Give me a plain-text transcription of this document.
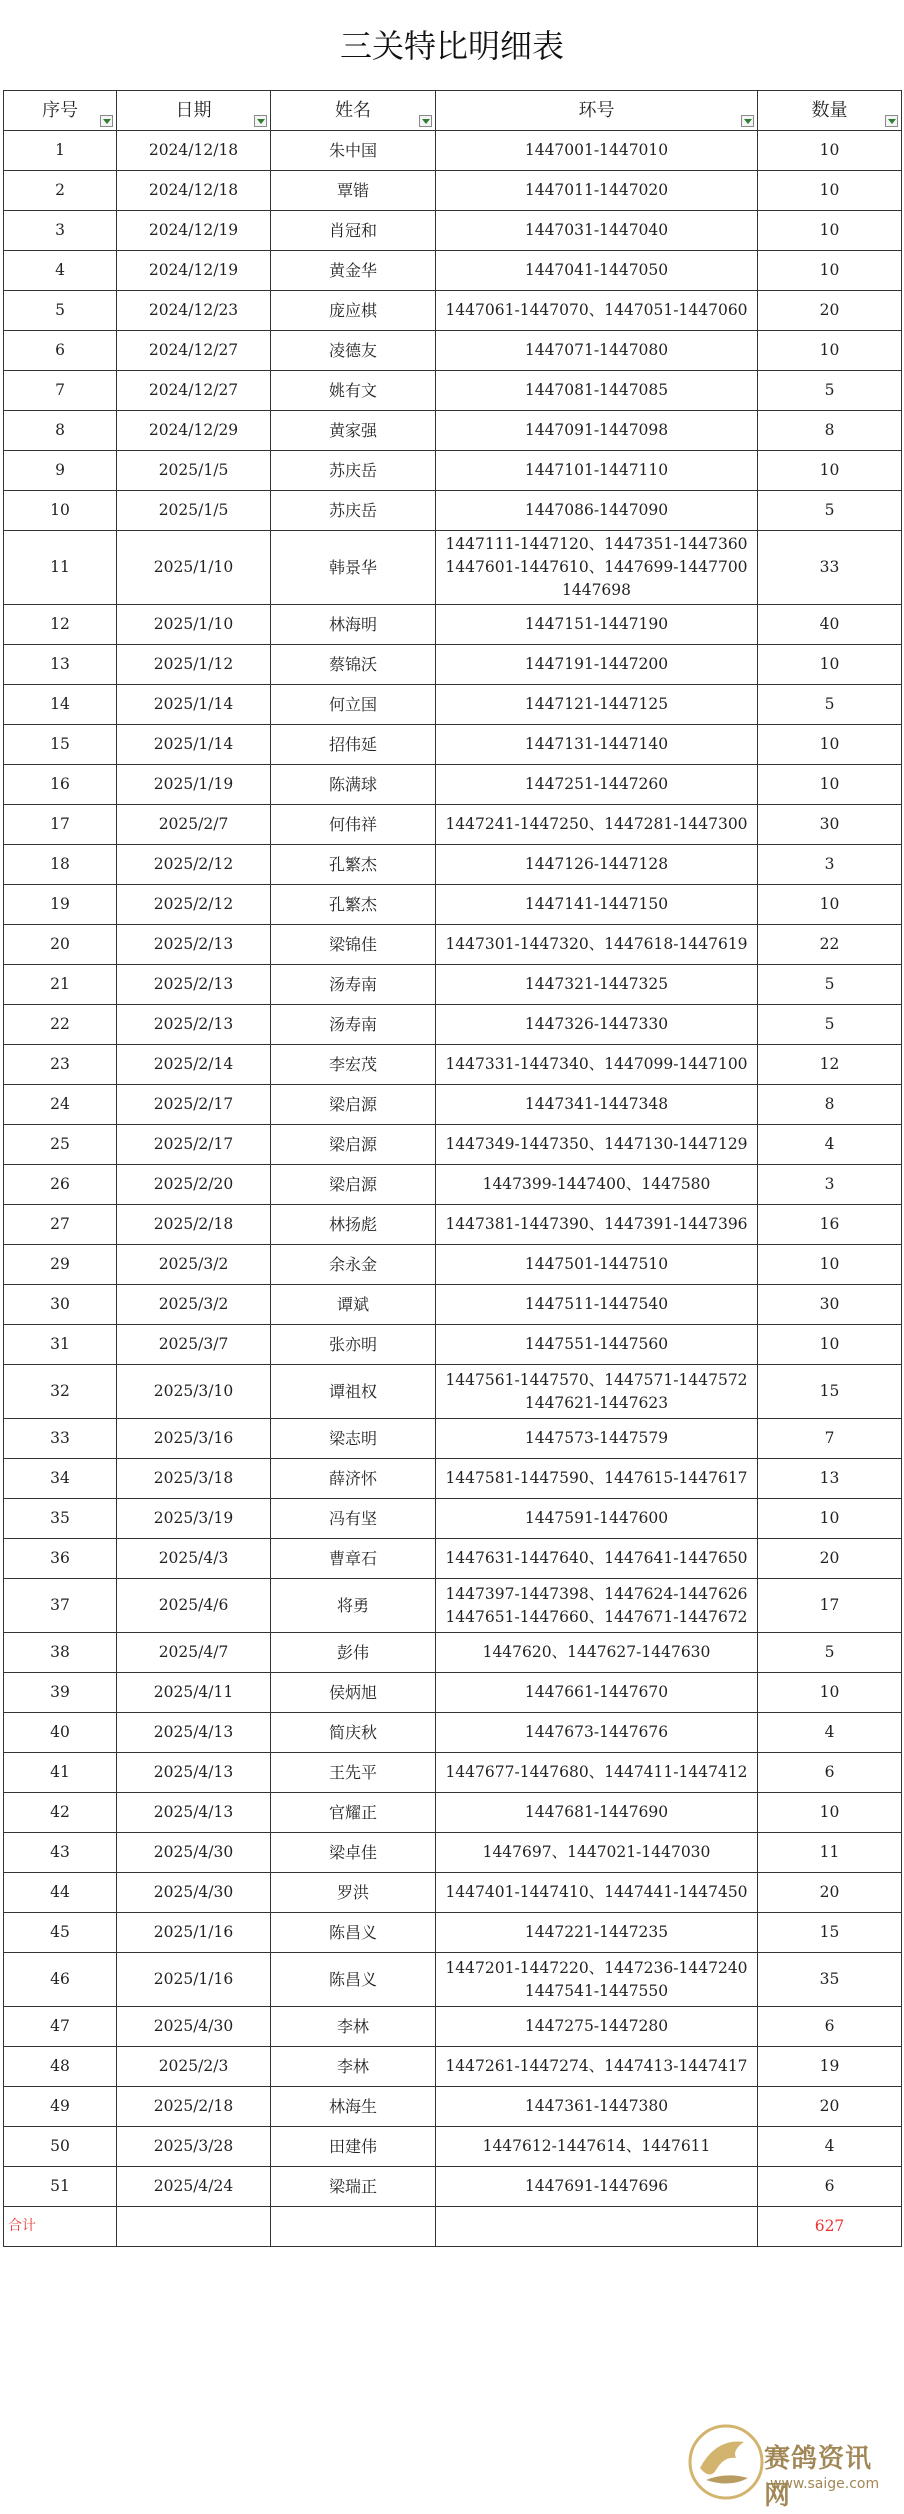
三关特比明细表
序号	日期	姓名	环号	数量

1	2024/12/18	朱中国	1447001-1447010	10
2	2024/12/18	覃锴	1447011-1447020	10
3	2024/12/19	肖冠和	1447031-1447040	10
4	2024/12/19	黄金华	1447041-1447050	10
5	2024/12/23	庞应棋	1447061-1447070、1447051-1447060	20
6	2024/12/27	凌德友	1447071-1447080	10
7	2024/12/27	姚有文	1447081-1447085	5
8	2024/12/29	黄家强	1447091-1447098	8
9	2025/1/5	苏庆岳	1447101-1447110	10
10	2025/1/5	苏庆岳	1447086-1447090	5
11	2025/1/10	韩景华	1447111-1447120、1447351-1447360
1447601-1447610、1447699-1447700
1447698	33
12	2025/1/10	林海明	1447151-1447190	40
13	2025/1/12	蔡锦沃	1447191-1447200	10
14	2025/1/14	何立国	1447121-1447125	5
15	2025/1/14	招伟延	1447131-1447140	10
16	2025/1/19	陈满球	1447251-1447260	10
17	2025/2/7	何伟祥	1447241-1447250、1447281-1447300	30
18	2025/2/12	孔繁杰	1447126-1447128	3
19	2025/2/12	孔繁杰	1447141-1447150	10
20	2025/2/13	梁锦佳	1447301-1447320、1447618-1447619	22
21	2025/2/13	汤寿南	1447321-1447325	5
22	2025/2/13	汤寿南	1447326-1447330	5
23	2025/2/14	李宏茂	1447331-1447340、1447099-1447100	12
24	2025/2/17	梁启源	1447341-1447348	8
25	2025/2/17	梁启源	1447349-1447350、1447130-1447129	4
26	2025/2/20	梁启源	1447399-1447400、1447580	3
27	2025/2/18	林扬彪	1447381-1447390、1447391-1447396	16
29	2025/3/2	余永金	1447501-1447510	10
30	2025/3/2	谭斌	1447511-1447540	30
31	2025/3/7	张亦明	1447551-1447560	10
32	2025/3/10	谭祖权	1447561-1447570、1447571-1447572
1447621-1447623	15
33	2025/3/16	梁志明	1447573-1447579	7
34	2025/3/18	薛济怀	1447581-1447590、1447615-1447617	13
35	2025/3/19	冯有坚	1447591-1447600	10
36	2025/4/3	曹章石	1447631-1447640、1447641-1447650	20
37	2025/4/6	将勇	1447397-1447398、1447624-1447626
1447651-1447660、1447671-1447672	17
38	2025/4/7	彭伟	1447620、1447627-1447630	5
39	2025/4/11	侯炳旭	1447661-1447670	10
40	2025/4/13	简庆秋	1447673-1447676	4
41	2025/4/13	王先平	1447677-1447680、1447411-1447412	6
42	2025/4/13	官耀正	1447681-1447690	10
43	2025/4/30	梁卓佳	1447697、1447021-1447030	11
44	2025/4/30	罗洪	1447401-1447410、1447441-1447450	20
45	2025/1/16	陈昌义	1447221-1447235	15
46	2025/1/16	陈昌义	1447201-1447220、1447236-1447240
1447541-1447550	35
47	2025/4/30	李林	1447275-1447280	6
48	2025/2/3	李林	1447261-1447274、1447413-1447417	19
49	2025/2/18	林海生	1447361-1447380	20
50	2025/3/28	田建伟	1447612-1447614、1447611	4
51	2025/4/24	梁瑞正	1447691-1447696	6
合计				627
赛鸽资讯网
www.saige.com
